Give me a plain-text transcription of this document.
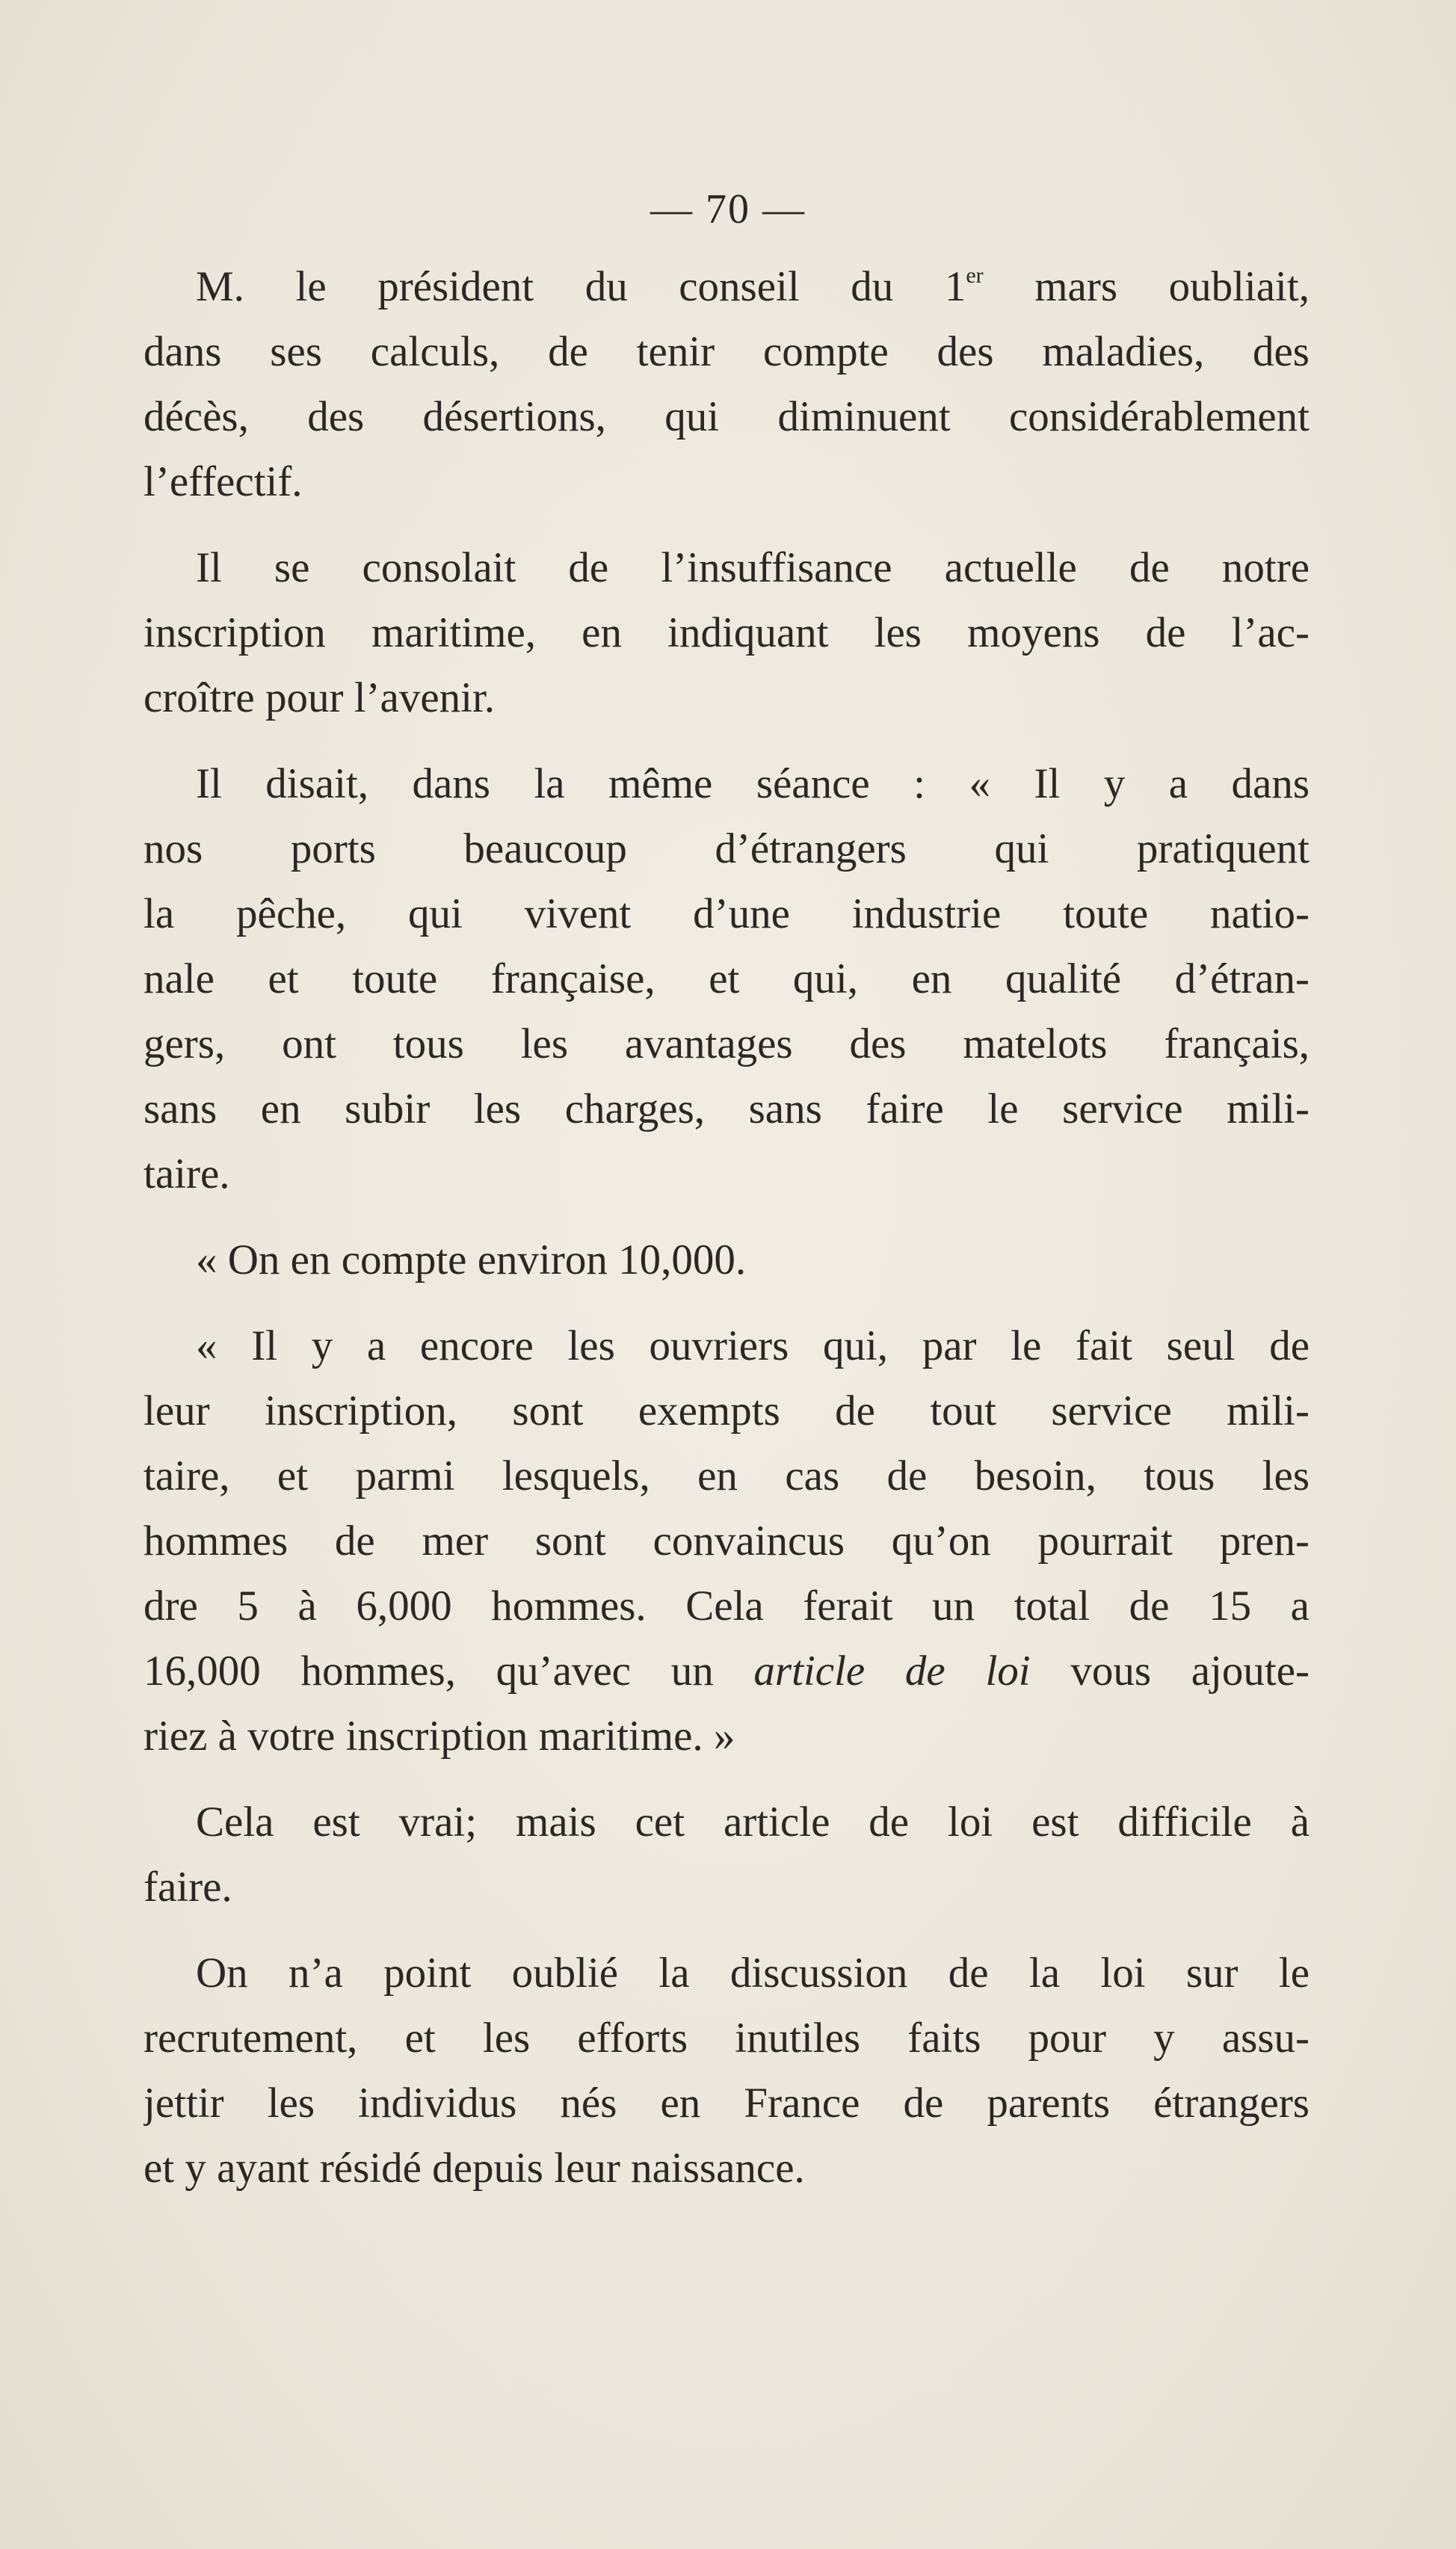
— 70 —
M. le président du conseil du 1er mars oubliait,
dans ses calculs, de tenir compte des maladies, des
décès, des désertions, qui diminuent considérablement
l’effectif.
Il se consolait de l’insuffisance actuelle de notre
inscription maritime, en indiquant les moyens de l’ac-
croître pour l’avenir.
Il disait, dans la même séance : « Il y a dans
nos ports beaucoup d’étrangers qui pratiquent
la pêche, qui vivent d’une industrie toute natio-
nale et toute française, et qui, en qualité d’étran-
gers, ont tous les avantages des matelots français,
sans en subir les charges, sans faire le service mili-
taire.
« On en compte environ 10,000.
« Il y a encore les ouvriers qui, par le fait seul de
leur inscription, sont exempts de tout service mili-
taire, et parmi lesquels, en cas de besoin, tous les
hommes de mer sont convaincus qu’on pourrait pren-
dre 5 à 6,000 hommes. Cela ferait un total de 15 a
16,000 hommes, qu’avec un article de loi vous ajoute-
riez à votre inscription maritime. »
Cela est vrai; mais cet article de loi est difficile à
faire.
On n’a point oublié la discussion de la loi sur le
recrutement, et les efforts inutiles faits pour y assu-
jettir les individus nés en France de parents étrangers
et y ayant résidé depuis leur naissance.
